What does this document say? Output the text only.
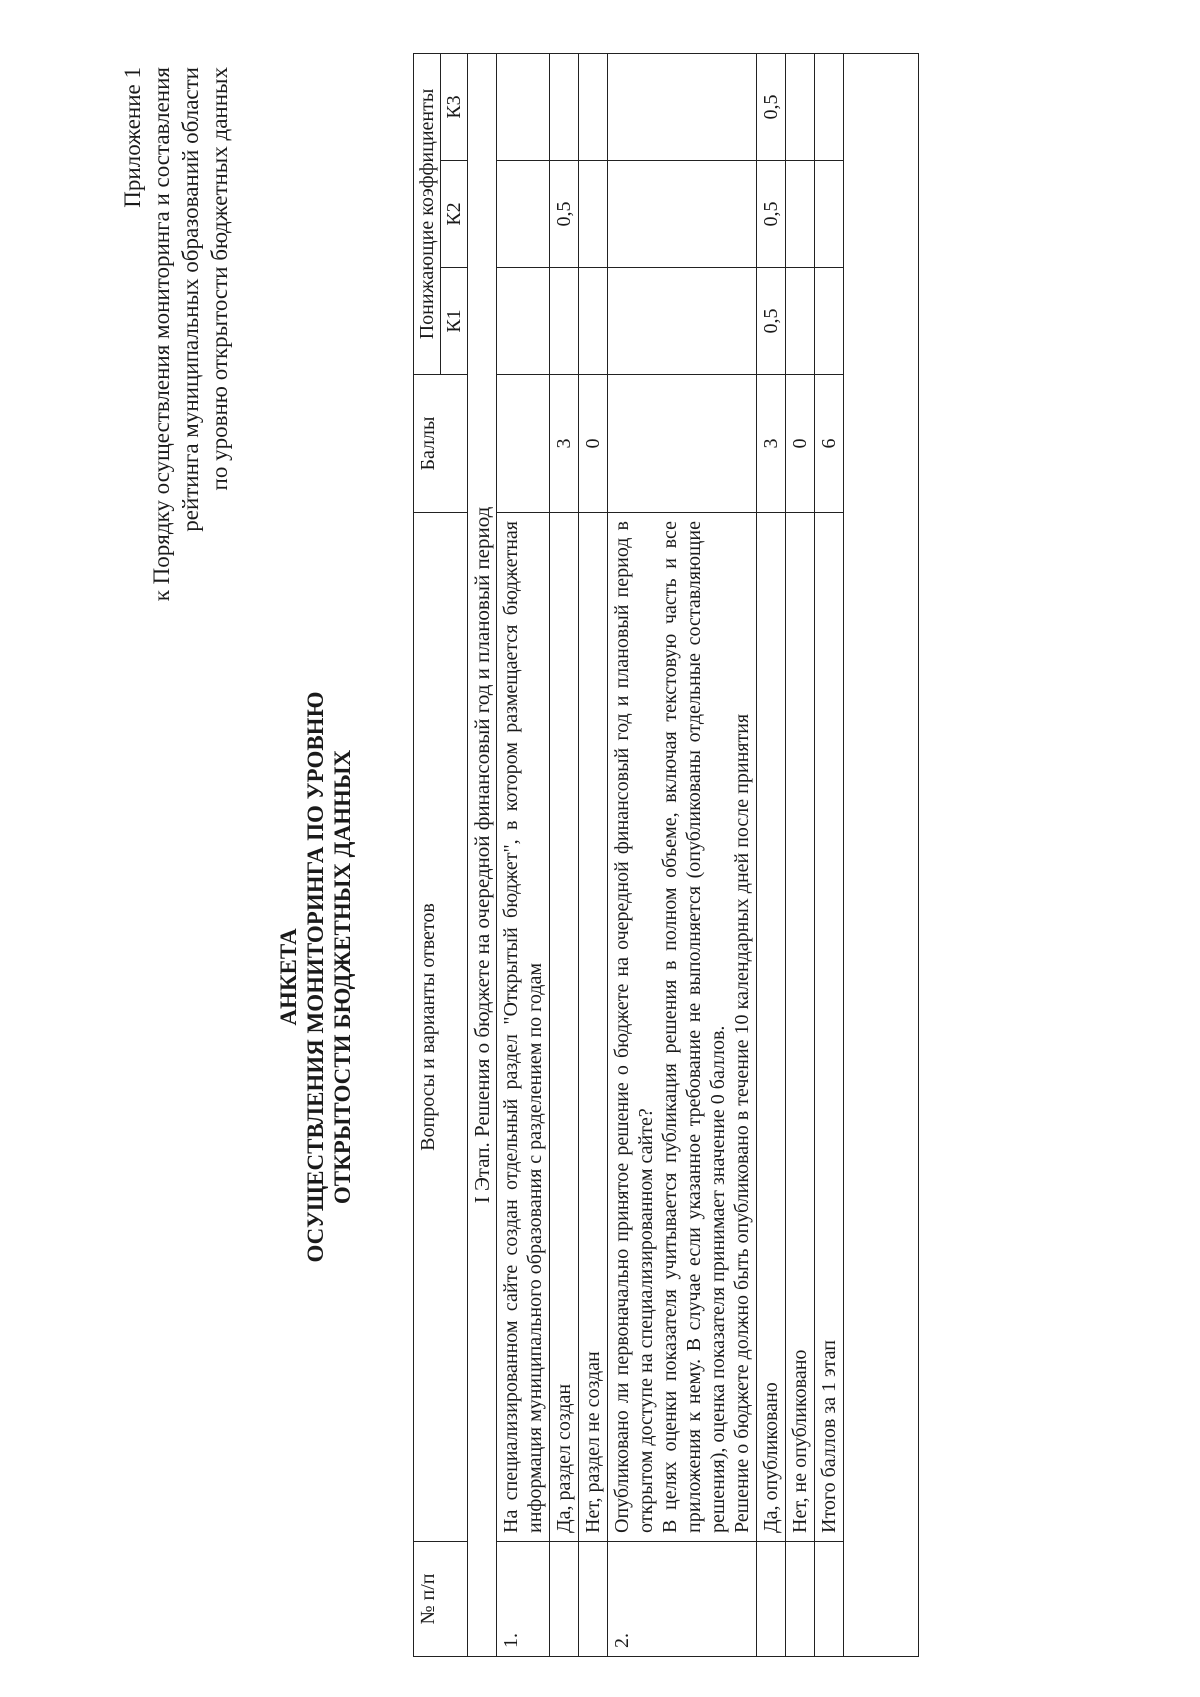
Приложение 1 к Порядку осуществления мониторинга и составления рейтинга муниципальных образований области по уровню открытости бюджетных данных
АНКЕТА ОСУЩЕСТВЛЕНИЯ МОНИТОРИНГА ПО УРОВНЮ ОТКРЫТОСТИ БЮДЖЕТНЫХ ДАННЫХ
№ п/п	Вопросы и варианты ответов	Баллы	Понижающие коэффициенты		
			К1	К2	К3
I Этап. Решения о бюджете на очередной финансовый год и плановый период					
1.	На специализированном сайте создан отдельный раздел "Открытый бюджет", в котором размещается бюджетная информация муниципального образования с разделением по годам				
	Да, раздел создан	3		0,5	
	Нет, раздел не создан	0			
2.	Опубликовано ли первоначально принятое решение о бюджете на очередной финансовый год и плановый период в открытом доступе на специализированном сайте? В целях оценки показателя учитывается публикация решения в полном объеме, включая текстовую часть и все приложения к нему. В случае если указанное требование не выполняется (опубликованы отдельные составляющие решения), оценка показателя принимает значение 0 баллов. Решение о бюджете должно быть опубликовано в течение 10 календарных дней после принятия				

	Да, опубликовано	3	0,5	0,5	0,5
	Нет, не опубликовано	0			
	Итого баллов за 1 этап	6			
